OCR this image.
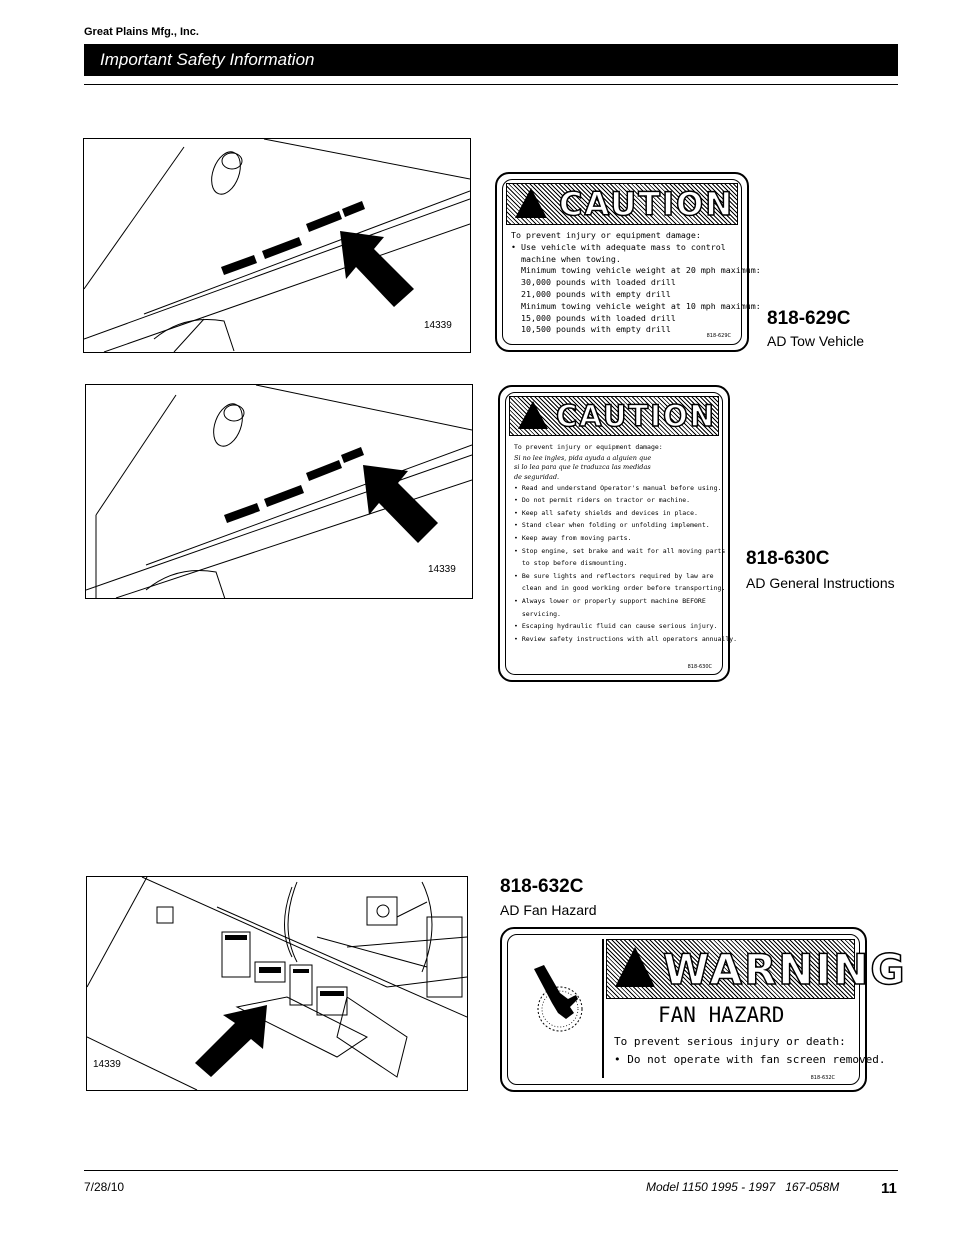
Great Plains Mfg., Inc.
Important Safety Information
14339
CAUTION
To prevent injury or equipment damage:
• Use vehicle with adequate mass to control
machine when towing.
Minimum towing vehicle weight at 20 mph maximum:
30,000 pounds with loaded drill
21,000 pounds with empty drill
Minimum towing vehicle weight at 10 mph maximum:
15,000 pounds with loaded drill
10,500 pounds with empty drill
818-629C
818-629C
AD Tow Vehicle
14339
CAUTION
To prevent injury or equipment damage:
Si no lee ingles, pida ayuda a alguien que
si lo lea para que le traduzca las medidas
de seguridad.
• Read and understand Operator's manual before using.
• Do not permit riders on tractor or machine.
• Keep all safety shields and devices in place.
• Stand clear when folding or unfolding implement.
• Keep away from moving parts.
• Stop engine, set brake and wait for all moving parts
to stop before dismounting.
• Be sure lights and reflectors required by law are
clean and in good working order before transporting.
• Always lower or properly support machine BEFORE
servicing.
• Escaping hydraulic fluid can cause serious injury.
• Review safety instructions with all operators annually.
818-630C
818-630C
AD General Instructions
14339
818-632C
AD Fan Hazard
WARNING
FAN HAZARD
To prevent serious injury or death:
• Do not operate with fan screen removed.
818-632C
7/28/10	Model 1150 1995 - 1997   167-058M	11
